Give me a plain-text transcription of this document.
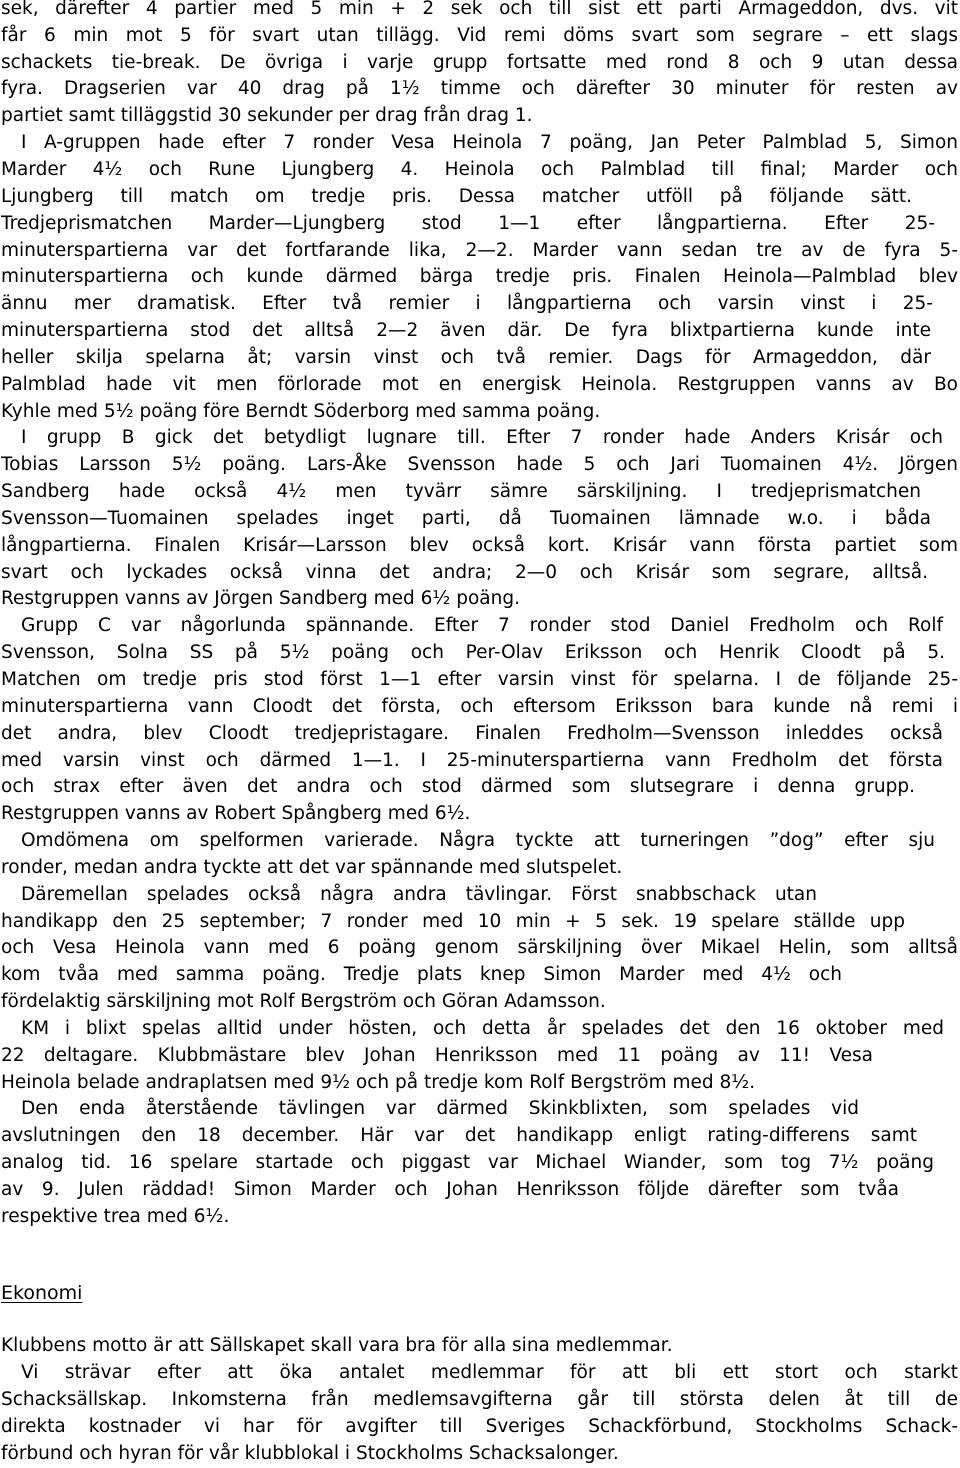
sek, därefter 4 partier med 5 min + 2 sek och till sist ett parti Armageddon, dvs. vit

får 6 min mot 5 för svart utan tillägg. Vid remi döms svart som segrare – ett slags

schackets tie-break. De övriga i varje grupp fortsatte med rond 8 och 9 utan dessa

fyra. Dragserien var 40 drag på 1½ timme och därefter 30 minuter för resten av

partiet samt tilläggstid 30 sekunder per drag från drag 1.

I A-gruppen hade efter 7 ronder Vesa Heinola 7 poäng, Jan Peter Palmblad 5, Simon

Marder 4½ och Rune Ljungberg 4. Heinola och Palmblad till final; Marder och

Ljungberg till match om tredje pris. Dessa matcher utföll på följande sätt.

Tredjeprismatchen Marder—Ljungberg stod 1—1 efter långpartierna. Efter 25-

minuterspartierna var det fortfarande lika, 2—2. Marder vann sedan tre av de fyra 5-

minuterspartierna och kunde därmed bärga tredje pris. Finalen Heinola—Palmblad blev

ännu mer dramatisk. Efter två remier i långpartierna och varsin vinst i 25-

minuterspartierna stod det alltså 2—2 även där. De fyra blixtpartierna kunde inte

heller skilja spelarna åt; varsin vinst och två remier. Dags för Armageddon, där

Palmblad hade vit men förlorade mot en energisk Heinola. Restgruppen vanns av Bo

Kyhle med 5½ poäng före Berndt Söderborg med samma poäng.

I grupp B gick det betydligt lugnare till. Efter 7 ronder hade Anders Krisár och

Tobias Larsson 5½ poäng. Lars-Åke Svensson hade 5 och Jari Tuomainen 4½. Jörgen

Sandberg hade också 4½ men tyvärr sämre särskiljning. I tredjeprismatchen

Svensson—Tuomainen spelades inget parti, då Tuomainen lämnade w.o. i båda

långpartierna. Finalen Krisár—Larsson blev också kort. Krisár vann första partiet som

svart och lyckades också vinna det andra; 2—0 och Krisár som segrare, alltså.

Restgruppen vanns av Jörgen Sandberg med 6½ poäng.

Grupp C var någorlunda spännande. Efter 7 ronder stod Daniel Fredholm och Rolf

Svensson, Solna SS på 5½ poäng och Per-Olav Eriksson och Henrik Cloodt på 5.

Matchen om tredje pris stod först 1—1 efter varsin vinst för spelarna. I de följande 25-

minuterspartierna vann Cloodt det första, och eftersom Eriksson bara kunde nå remi i

det andra, blev Cloodt tredjepristagare. Finalen Fredholm—Svensson inleddes också

med varsin vinst och därmed 1—1. I 25-minuterspartierna vann Fredholm det första

och strax efter även det andra och stod därmed som slutsegrare i denna grupp.

Restgruppen vanns av Robert Spångberg med 6½.

Omdömena om spelformen varierade. Några tyckte att turneringen ”dog” efter sju

ronder, medan andra tyckte att det var spännande med slutspelet.

Däremellan spelades också några andra tävlingar. Först snabbschack utan

handikapp den 25 september; 7 ronder med 10 min + 5 sek. 19 spelare ställde upp

och Vesa Heinola vann med 6 poäng genom särskiljning över Mikael Helin, som alltså

kom tvåa med samma poäng. Tredje plats knep Simon Marder med 4½ och

fördelaktig särskiljning mot Rolf Bergström och Göran Adamsson.

KM i blixt spelas alltid under hösten, och detta år spelades det den 16 oktober med

22 deltagare. Klubbmästare blev Johan Henriksson med 11 poäng av 11! Vesa

Heinola belade andraplatsen med 9½ och på tredje kom Rolf Bergström med 8½.

Den enda återstående tävlingen var därmed Skinkblixten, som spelades vid

avslutningen den 18 december. Här var det handikapp enligt rating-differens samt

analog tid. 16 spelare startade och piggast var Michael Wiander, som tog 7½ poäng

av 9. Julen räddad! Simon Marder och Johan Henriksson följde därefter som tvåa

respektive trea med 6½.

Ekonomi

Klubbens motto är att Sällskapet skall vara bra för alla sina medlemmar.

Vi strävar efter att öka antalet medlemmar för att bli ett stort och starkt

Schacksällskap. Inkomsterna från medlemsavgifterna går till största delen åt till de

direkta kostnader vi har för avgifter till Sveriges Schackförbund, Stockholms Schack-

förbund och hyran för vår klubblokal i Stockholms Schacksalonger.
